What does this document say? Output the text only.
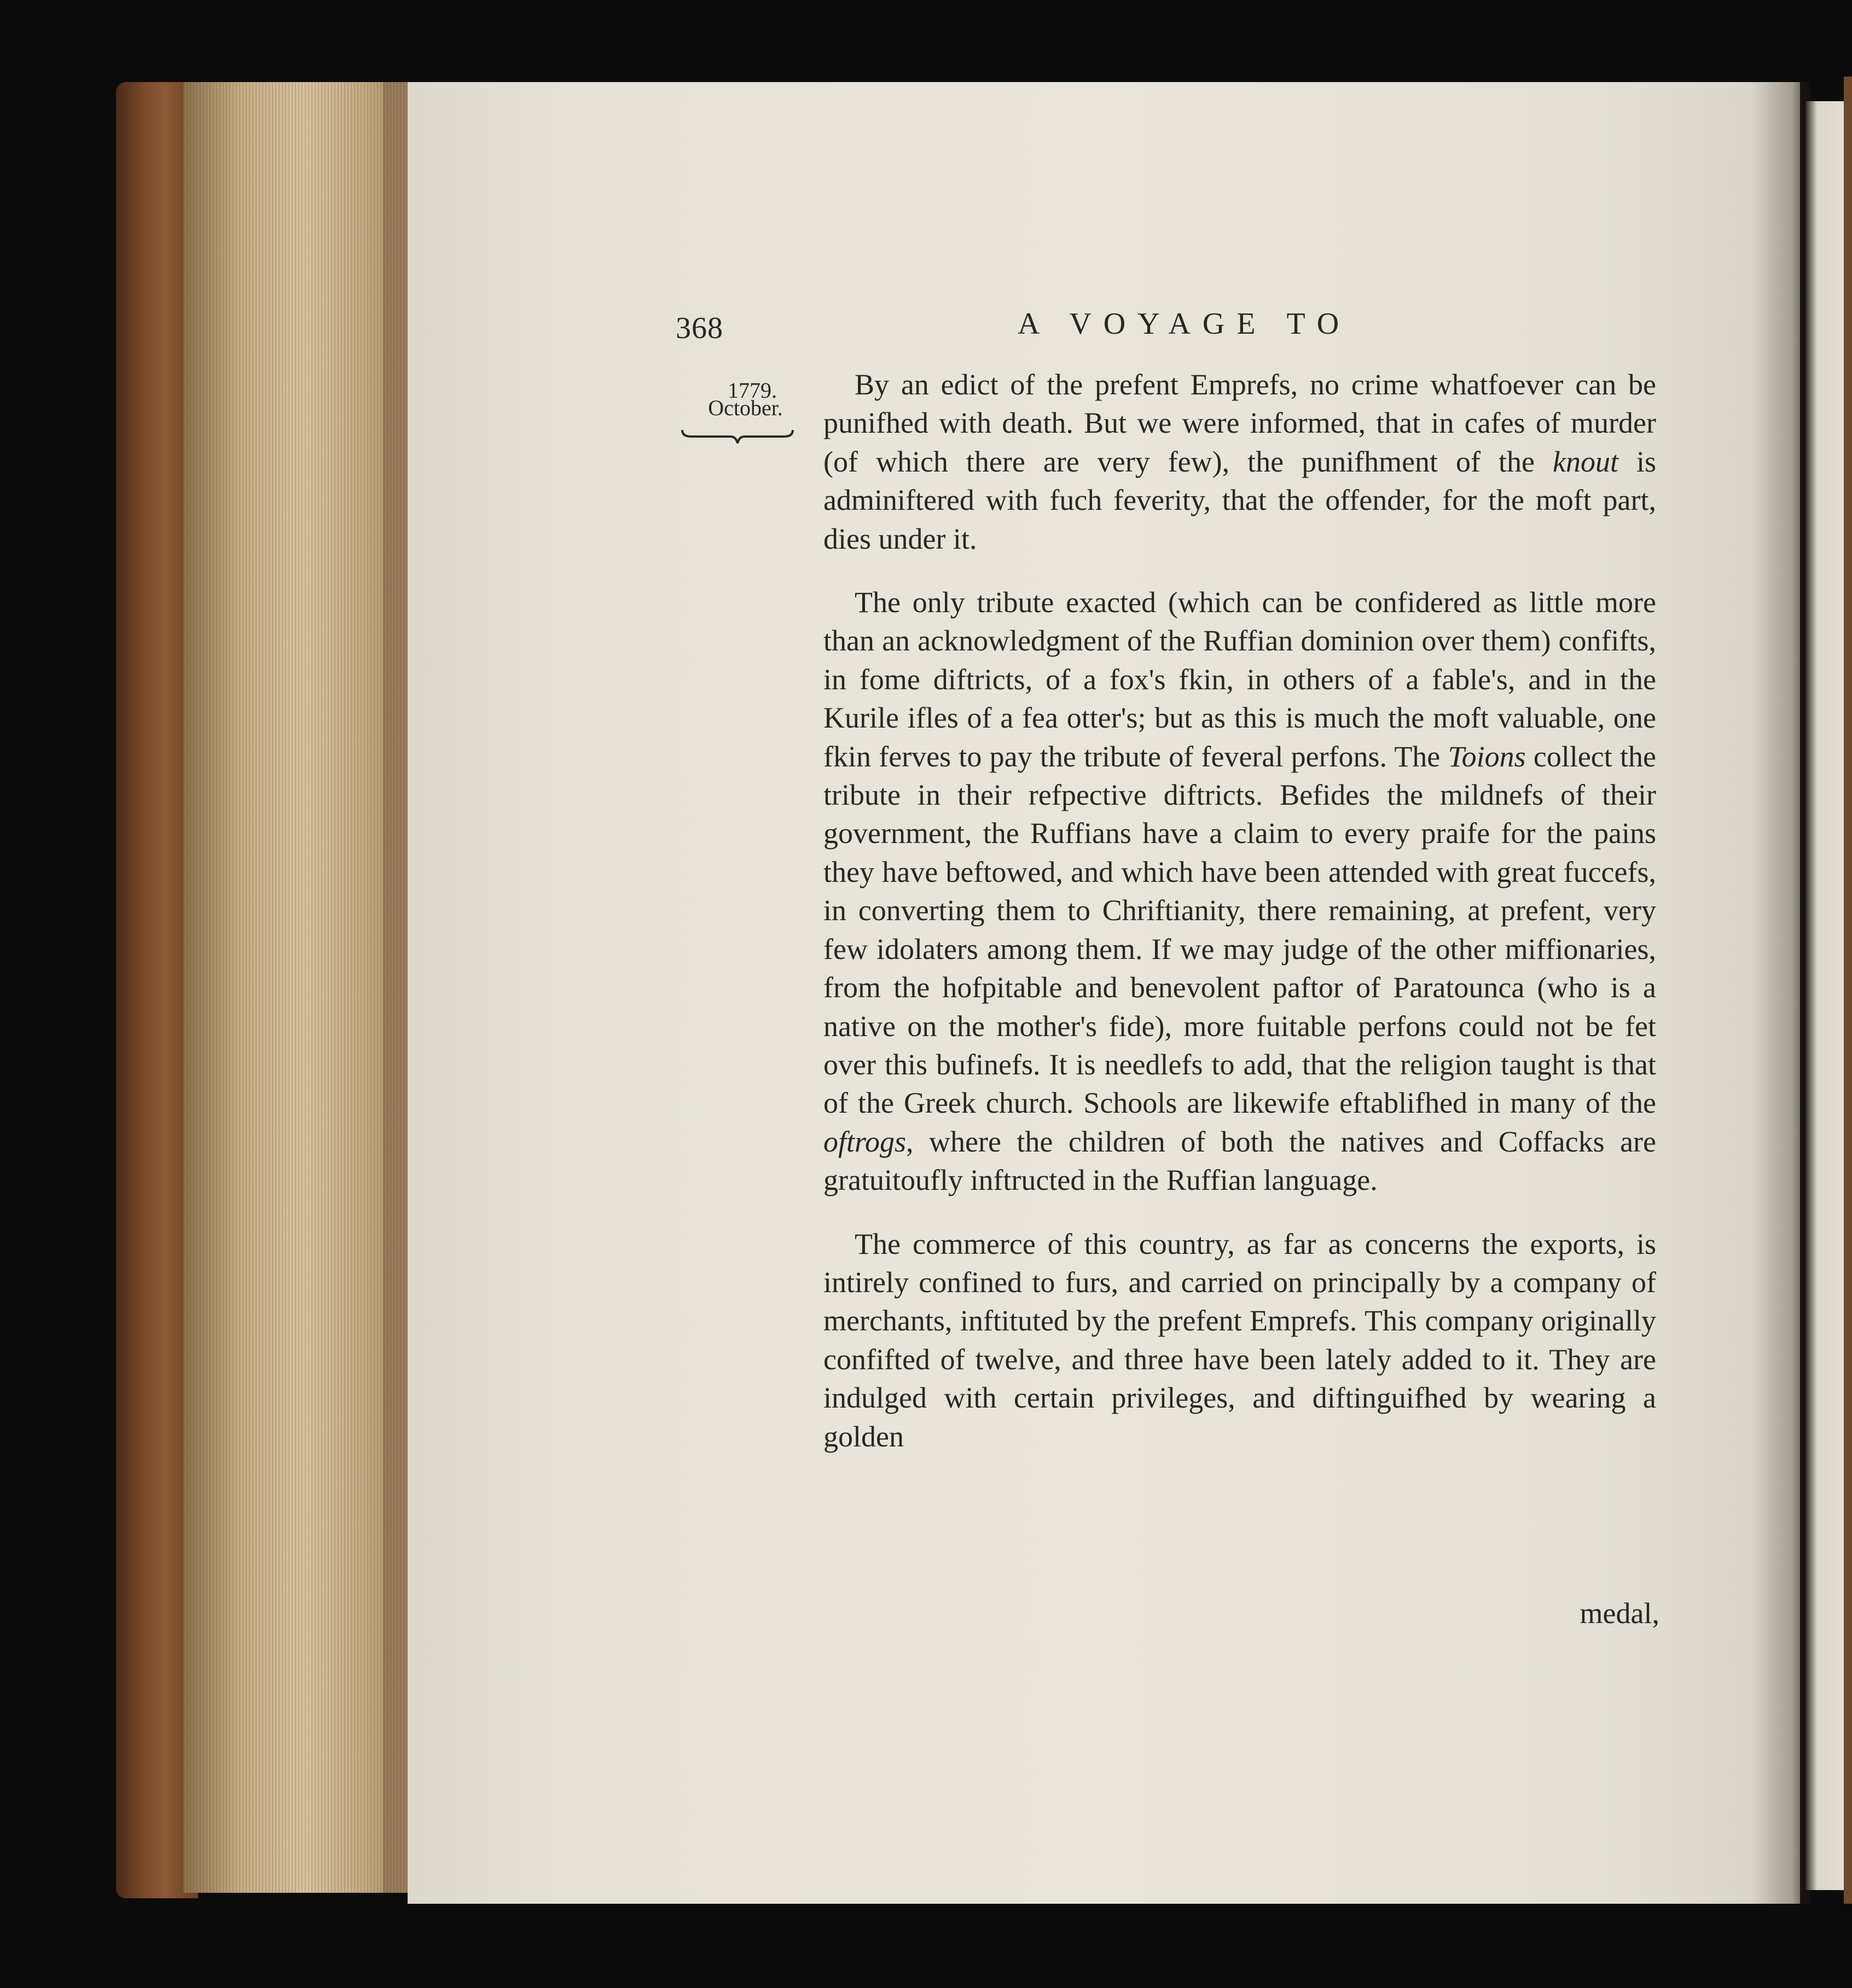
368	A VOYAGE TO
1779.
October.

By an edict of the prefent Emprefs, no crime whatfoever can be punifhed with death. But we were informed, that in cafes of murder (of which there are very few), the punifhment of the knout is adminiftered with fuch feverity, that the offender, for the moft part, dies under it.

The only tribute exacted (which can be confidered as little more than an acknowledgment of the Ruffian dominion over them) confifts, in fome diftricts, of a fox's fkin, in others of a fable's, and in the Kurile ifles of a fea otter's; but as this is much the moft valuable, one fkin ferves to pay the tribute of feveral perfons. The Toions collect the tribute in their refpective diftricts. Befides the mildnefs of their government, the Ruffians have a claim to every praife for the pains they have beftowed, and which have been attended with great fuccefs, in converting them to Chriftianity, there remaining, at prefent, very few idolaters among them. If we may judge of the other miffionaries, from the hofpitable and benevolent paftor of Paratounca (who is a native on the mother's fide), more fuitable perfons could not be fet over this bufinefs. It is needlefs to add, that the religion taught is that of the Greek church. Schools are likewife eftablifhed in many of the oftrogs, where the children of both the natives and Coffacks are gratuitoufly inftructed in the Ruffian language.

The commerce of this country, as far as concerns the exports, is intirely confined to furs, and carried on principally by a company of merchants, inftituted by the prefent Emprefs. This company originally confifted of twelve, and three have been lately added to it. They are indulged with certain privileges, and diftinguifhed by wearing a golden

medal,
